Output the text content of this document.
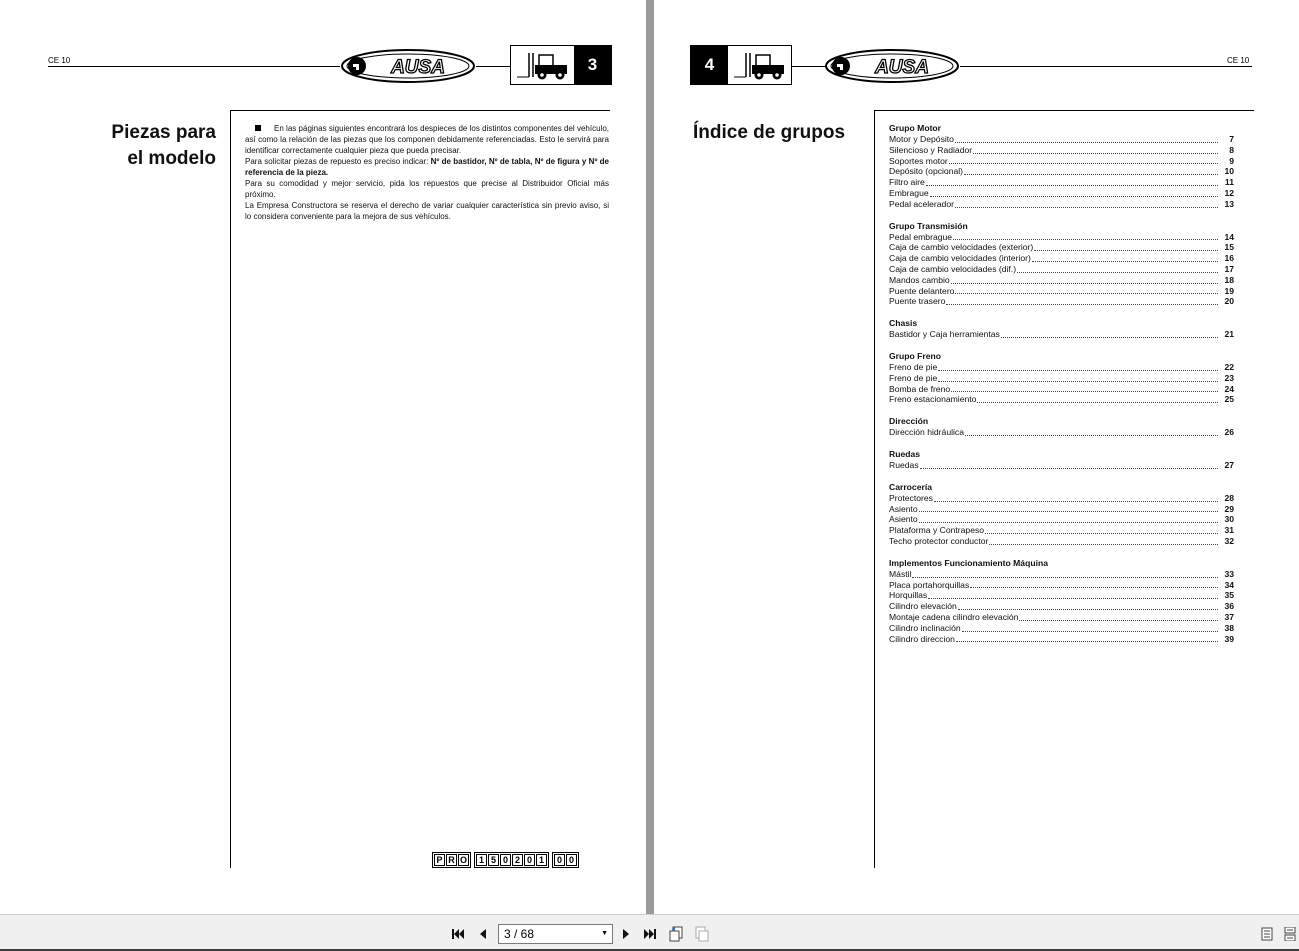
CE 10	AUSA	3
Piezas para
el modelo

En las páginas siguientes encontrará los despieces de los distintos componentes del vehículo, así como la relación de las piezas que los componen debidamente referenciadas. Esto le servirá para identificar correctamente cualquier pieza que pueda precisar.

Para solicitar piezas de repuesto es preciso indicar: Nº de bastidor, Nº de tabla, Nº de figura y Nº de referencia de la pieza.

Para su comodidad y mejor servicio, pida los repuestos que precise al Distribuidor Oficial más próximo.

La Empresa Constructora se reserva el derecho de variar cualquier característica sin previo aviso, si lo considera conveniente para la mejora de sus vehículos.

P R O	1 5 0 2 0 1	0 0
4	AUSA	CE 10
Índice de grupos	Grupo Motor
Motor y Depósito	7
Silencioso y Radiador	8
Soportes motor	9
Depósito (opcional)	10
Filtro aire	11
Embrague	12
Pedal acelerador	13
Grupo Transmisión
Pedal embrague	14
Caja de cambio velocidades (exterior)	15
Caja de cambio velocidades (interior)	16
Caja de cambio velocidades (dif.)	17
Mandos cambio	18
Puente delantero	19
Puente trasero	20
Chasis
Bastidor y Caja herramientas	21
Grupo Freno
Freno de pie	22
Freno de pie	23
Bomba de freno	24
Freno estacionamiento	25
Dirección
Dirección hidráulica	26
Ruedas
Ruedas	27
Carrocería
Protectores	28
Asiento	29
Asiento	30
Plataforma y Contrapeso	31
Techo protector conductor	32
Implementos Funcionamiento Máquina
Mástil	33
Placa portahorquillas	34
Horquillas	35
Cilindro elevación	36
Montaje cadena cilindro elevación	37
Cilindro inclinación	38
Cilindro direccion	39
3 / 68	▼
